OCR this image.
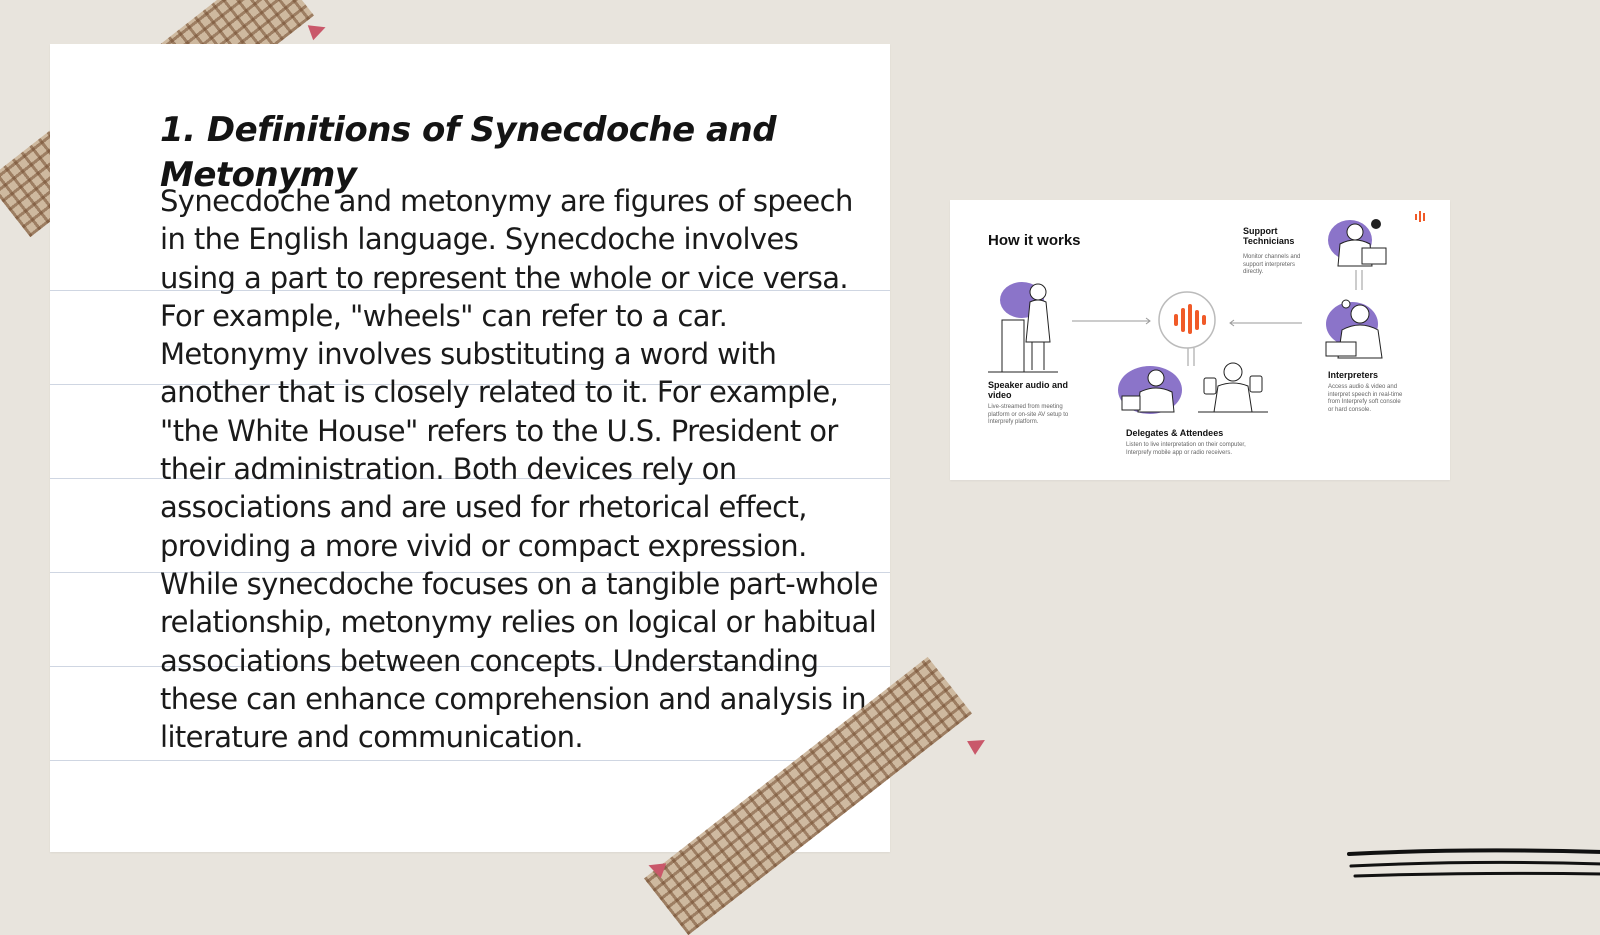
1. Definitions of Synecdoche and Metonymy

Synecdoche and metonymy are figures of speech in the English language. Synecdoche involves using a part to represent the whole or vice versa. For example, "wheels" can refer to a car. Metonymy involves substituting a word with another that is closely related to it. For example, "the White House" refers to the U.S. President or their administration. Both devices rely on associations and are used for rhetorical effect, providing a more vivid or compact expression. While synecdoche focuses on a tangible part-whole relationship, metonymy relies on logical or habitual associations between concepts. Understanding these can enhance comprehension and analysis in literature and communication.

How it works
Support Technicians
Monitor channels and support interpreters directly.
Speaker audio and video
Live-streamed from meeting platform or on-site AV setup to Interprefy platform.
Delegates & Attendees
Listen to live interpretation on their computer, Interprefy mobile app or radio receivers.
Interpreters
Access audio & video and interpret speech in real-time from Interprefy soft console or hard console.
